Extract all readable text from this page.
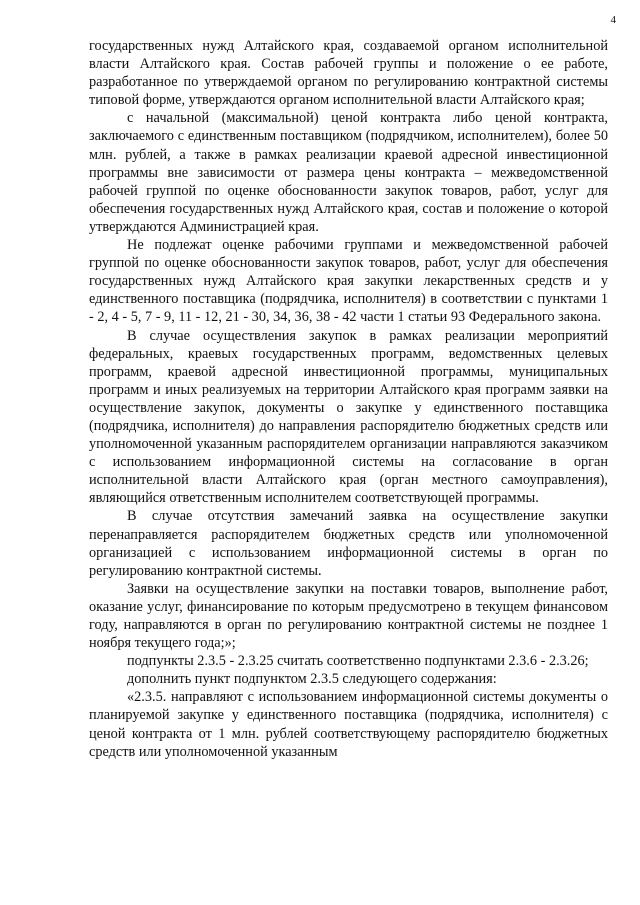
4

государственных нужд Алтайского края, создаваемой органом исполнительной власти Алтайского края. Состав рабочей группы и положение о ее работе, разработанное по утверждаемой органом по регулированию контрактной системы типовой форме, утверждаются органом исполнительной власти Алтайского края;

с начальной (максимальной) ценой контракта либо ценой контракта, заключаемого с единственным поставщиком (подрядчиком, исполнителем), более 50 млн. рублей, а также в рамках реализации краевой адресной инвестиционной программы вне зависимости от размера цены контракта – межведомственной рабочей группой по оценке обоснованности закупок товаров, работ, услуг для обеспечения государственных нужд Алтайского края, состав и положение о которой утверждаются Администрацией края.

Не подлежат оценке рабочими группами и межведомственной рабочей группой по оценке обоснованности закупок товаров, работ, услуг для обеспечения государственных нужд Алтайского края закупки лекарственных средств и у единственного поставщика (подрядчика, исполнителя) в соответствии с пунктами 1 - 2, 4 - 5, 7 - 9, 11 - 12, 21 - 30, 34, 36, 38 - 42 части 1 статьи 93 Федерального закона.

В случае осуществления закупок в рамках реализации мероприятий федеральных, краевых государственных программ, ведомственных целевых программ, краевой адресной инвестиционной программы, муниципальных программ и иных реализуемых на территории Алтайского края программ заявки на осуществление закупок, документы о закупке у единственного поставщика (подрядчика, исполнителя) до направления распорядителю бюджетных средств или уполномоченной указанным распорядителем организации направляются заказчиком с использованием информационной системы на согласование в орган исполнительной власти Алтайского края (орган местного самоуправления), являющийся ответственным исполнителем соответствующей программы.

В случае отсутствия замечаний заявка на осуществление закупки перенаправляется распорядителем бюджетных средств или уполномоченной организацией с использованием информационной системы в орган по регулированию контрактной системы.

Заявки на осуществление закупки на поставки товаров, выполнение работ, оказание услуг, финансирование по которым предусмотрено в текущем финансовом году, направляются в орган по регулированию контрактной системы не позднее 1 ноября текущего года;»;

подпункты 2.3.5 - 2.3.25 считать соответственно подпунктами 2.3.6 - 2.3.26;

дополнить пункт подпунктом 2.3.5 следующего содержания:

«2.3.5. направляют с использованием информационной системы документы о планируемой закупке у единственного поставщика (подрядчика, исполнителя) с ценой контракта от 1 млн. рублей соответствующему распорядителю бюджетных средств или уполномоченной указанным
